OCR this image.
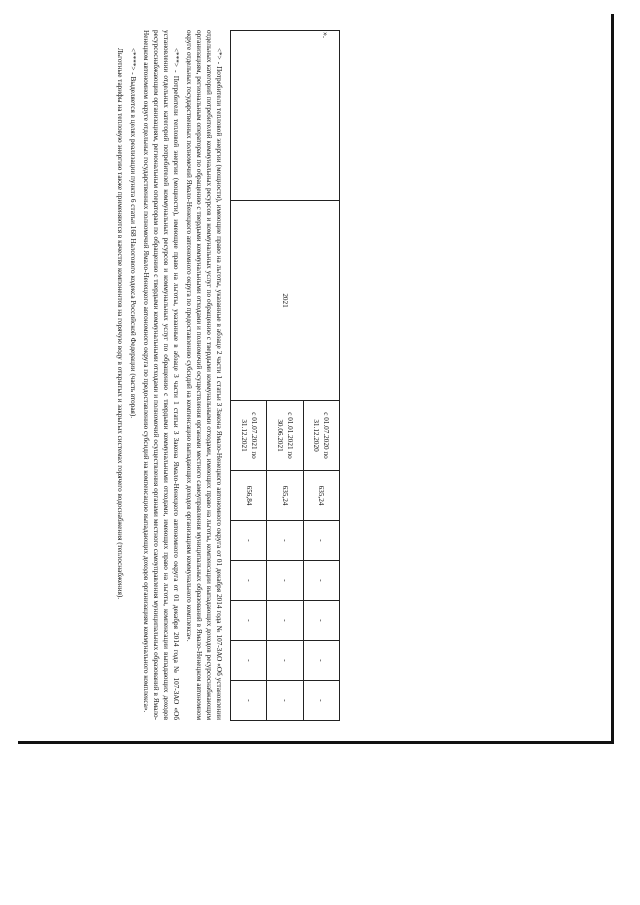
	2021	с 01.07.2020 по 31.12.2020	635,24	-	-	-	-	-
		с 01.01.2021 по 30.06.2021	635,24	-	-	-	-	-
		с 01.07.2021 по 31.12.2021	656,84	-	-	-	-	-

<*> - Потребители тепловой энергии (мощности), имеющие право на льготы, указанные в абзаце 2 части 1 статьи 3 Закона Ямало-Ненецкого автономного округа от 01 декабря 2014 года № 107-ЗАО «Об установлении отдельных категорий потребителей коммунальных ресурсов и коммунальных услуг по обращению с твердыми коммунальными отходами, имеющих право на льготы, компенсации выпадающих доходов ресурсоснабжающим организациям, региональным операторам по обращению с твердыми коммунальными отходами и полномочий осуществления органами местного самоуправления муниципальных образований в Ямало-Ненецком автономном округе отдельных государственных полномочий Ямало-Ненецкого автономного округа по предоставлению субсидий на компенсацию выпадающих доходов организациям коммунального комплекса».

<***> - Потребители тепловой энергии (мощности), имеющие право на льготы, указанные в абзаце 3 части 1 статьи 3 Закона Ямало-Ненецкого автономного округа от 01 декабря 2014 года № 107-ЗАО «Об установлении отдельных категорий потребителей коммунальных ресурсов и коммунальных услуг по обращению с твердыми коммунальными отходами, имеющих право на льготы, компенсации выпадающих доходов ресурсоснабжающим организациям, региональным операторам по обращению с твердыми коммунальными отходами и полномочий осуществления органами местного самоуправления муниципальных образований в Ямало-Ненецком автономном округе отдельных государственных полномочий Ямало-Ненецкого автономного округа по предоставлению субсидий на компенсацию выпадающих доходов организациям коммунального комплекса».

<****> - Выделяется в целях реализации пункта 6 статьи 168 Налогового кодекса Российской Федерации (часть вторая).

Льготные тарифы на тепловую энергию также применяются в качестве компонентов на горячую воду в открытых и закрытых системах горячего водоснабжения (теплоснабжения).

».
